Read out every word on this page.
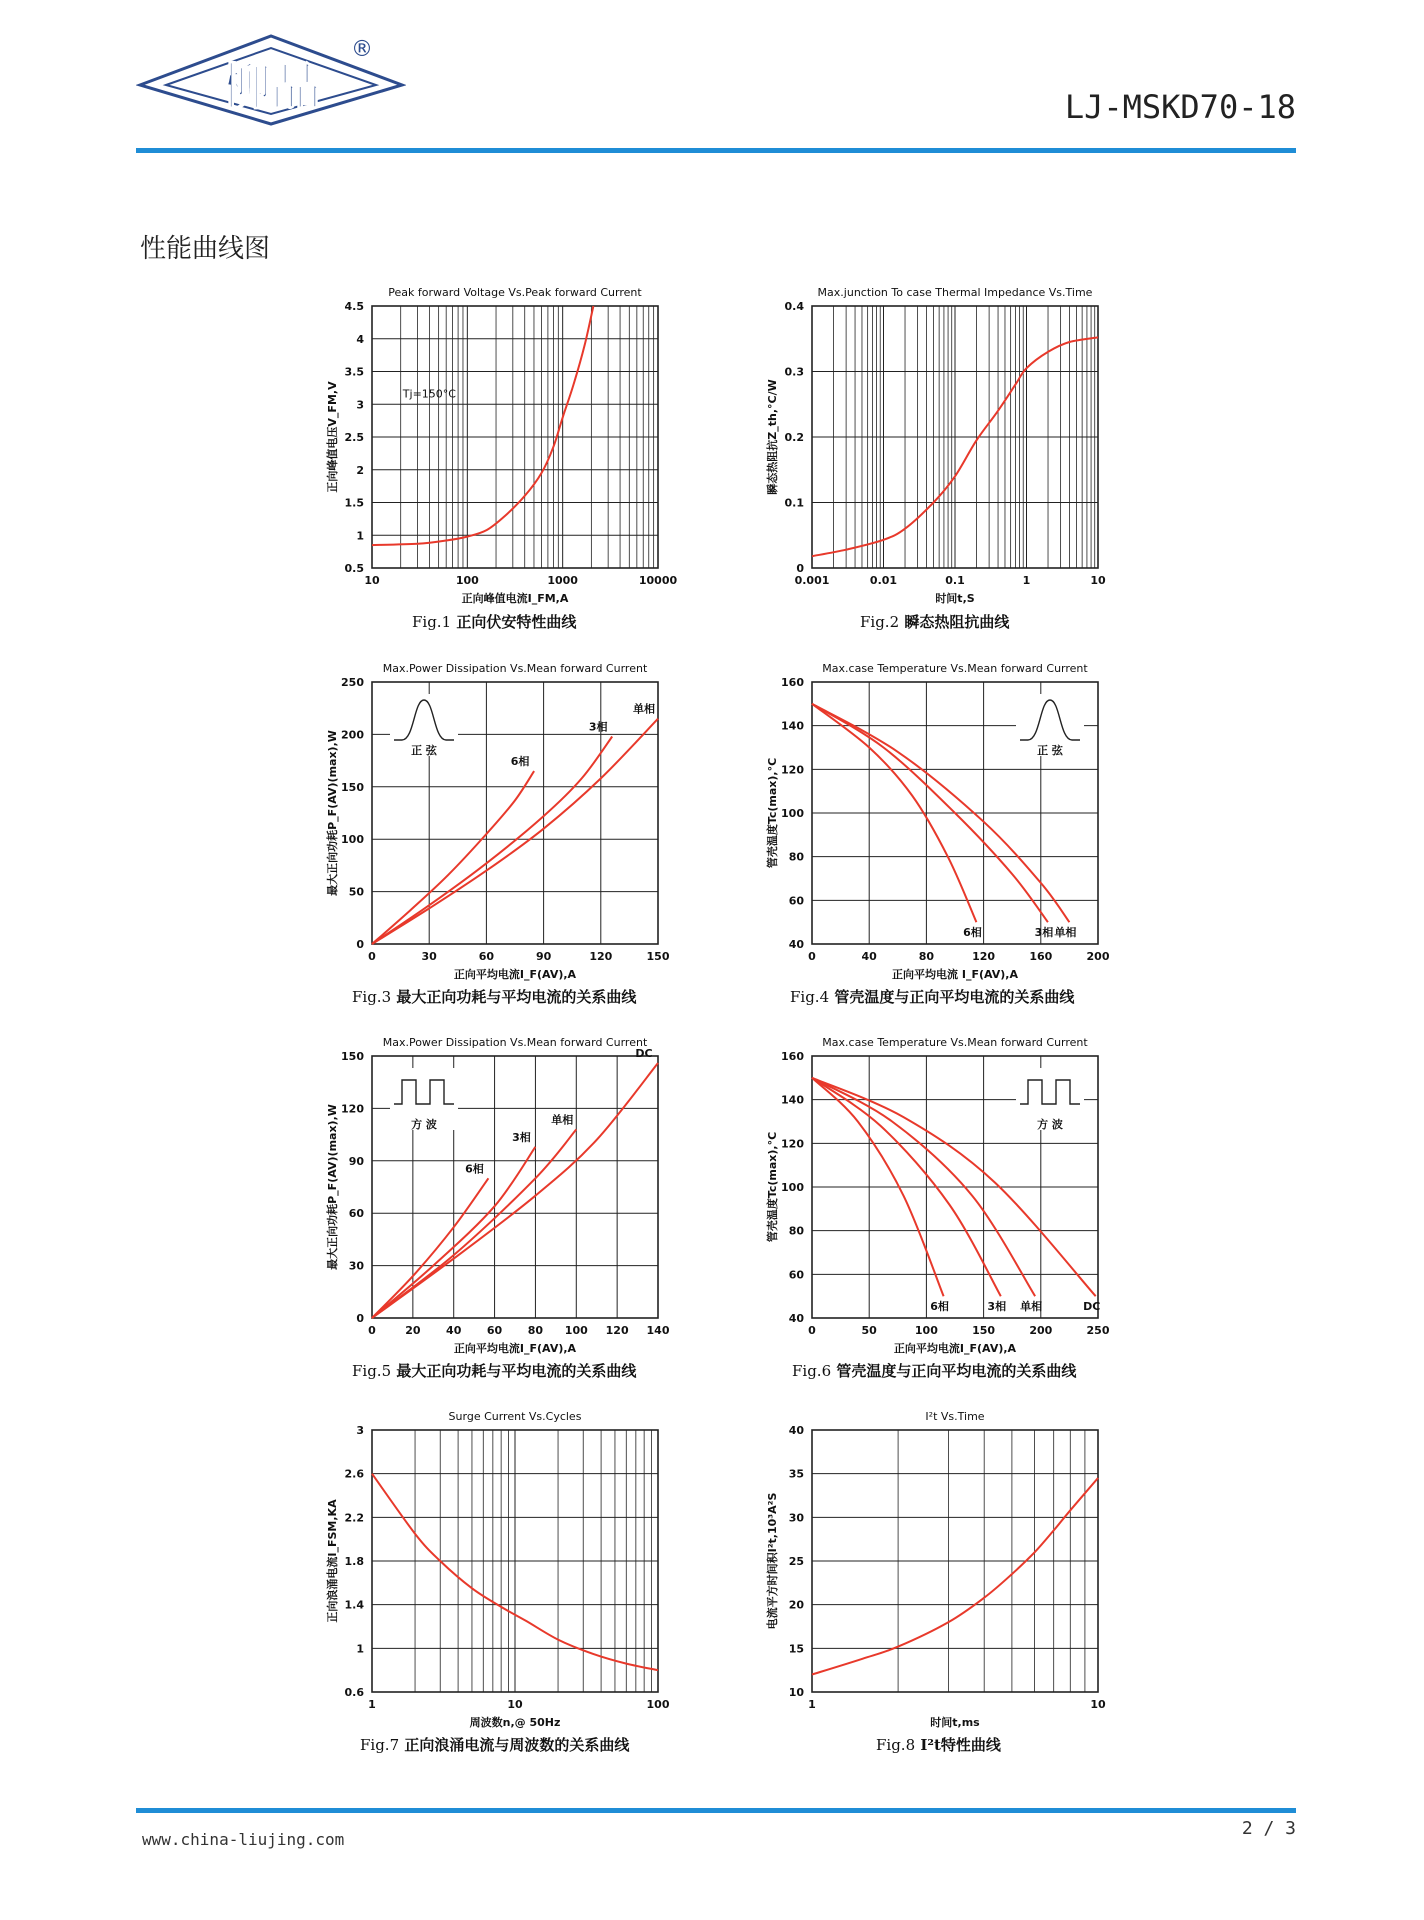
柳晶
®
LJ-MSKD70-18
性能曲线图
Peak forward Voltage Vs.Peak forward Current
10	100	1000	10000
0.5
1
1.5
2
2.5
3
3.5
4
4.5
正向峰值电流I_FM,A
正向峰值电压V_FM,V	Tj=150°C
Max.junction To case Thermal Impedance Vs.Time
0.001	0.01	0.1	1	10
0
0.1
0.2
0.3
0.4
时间t,S
瞬态热阻抗Z_th,°C/W
Max.Power Dissipation Vs.Mean forward Current
0	30	60	90	120	150
0
50
100
150
200
250
正向平均电流I_F(AV),A
最大正向功耗P_F(AV)(max),W	6相
3相
单相
正 弦
Max.case Temperature Vs.Mean forward Current
0	40	80	120	160	200
40
60
80
100
120
140
160
正向平均电流 I_F(AV),A
管壳温度Tc(max),°C
6相	3相 单相
正 弦
Max.Power Dissipation Vs.Mean forward Current
0	20 40 60 80 100 120 140
0
30
60
90
120
150
正向平均电流I_F(AV),A
最大正向功耗P_F(AV)(max),W	6相
3相
单相
DC
方 波
Max.case Temperature Vs.Mean forward Current
0	50	100	150	200	250
40
60
80
100
120
140
160
正向平均电流I_F(AV),A
管壳温度Tc(max),°C
6相	3相 单相	DC
方 波
Surge Current Vs.Cycles
1	10	100
0.6
1
1.4
1.8
2.2
2.6
3
周波数n,@ 50Hz
正向浪涌电流I_FSM,KA
I²t Vs.Time
1	10
10
15
20
25
30
35
40
时间t,ms
电流平方时间积I²t,10³A²S
Fig.1 正向伏安特性曲线	Fig.2 瞬态热阻抗曲线
Fig.3 最大正向功耗与平均电流的关系曲线	Fig.4 管壳温度与正向平均电流的关系曲线
Fig.5 最大正向功耗与平均电流的关系曲线	Fig.6 管壳温度与正向平均电流的关系曲线
Fig.7 正向浪涌电流与周波数的关系曲线	Fig.8 I²t特性曲线
www.china-liujing.com
2 / 3
